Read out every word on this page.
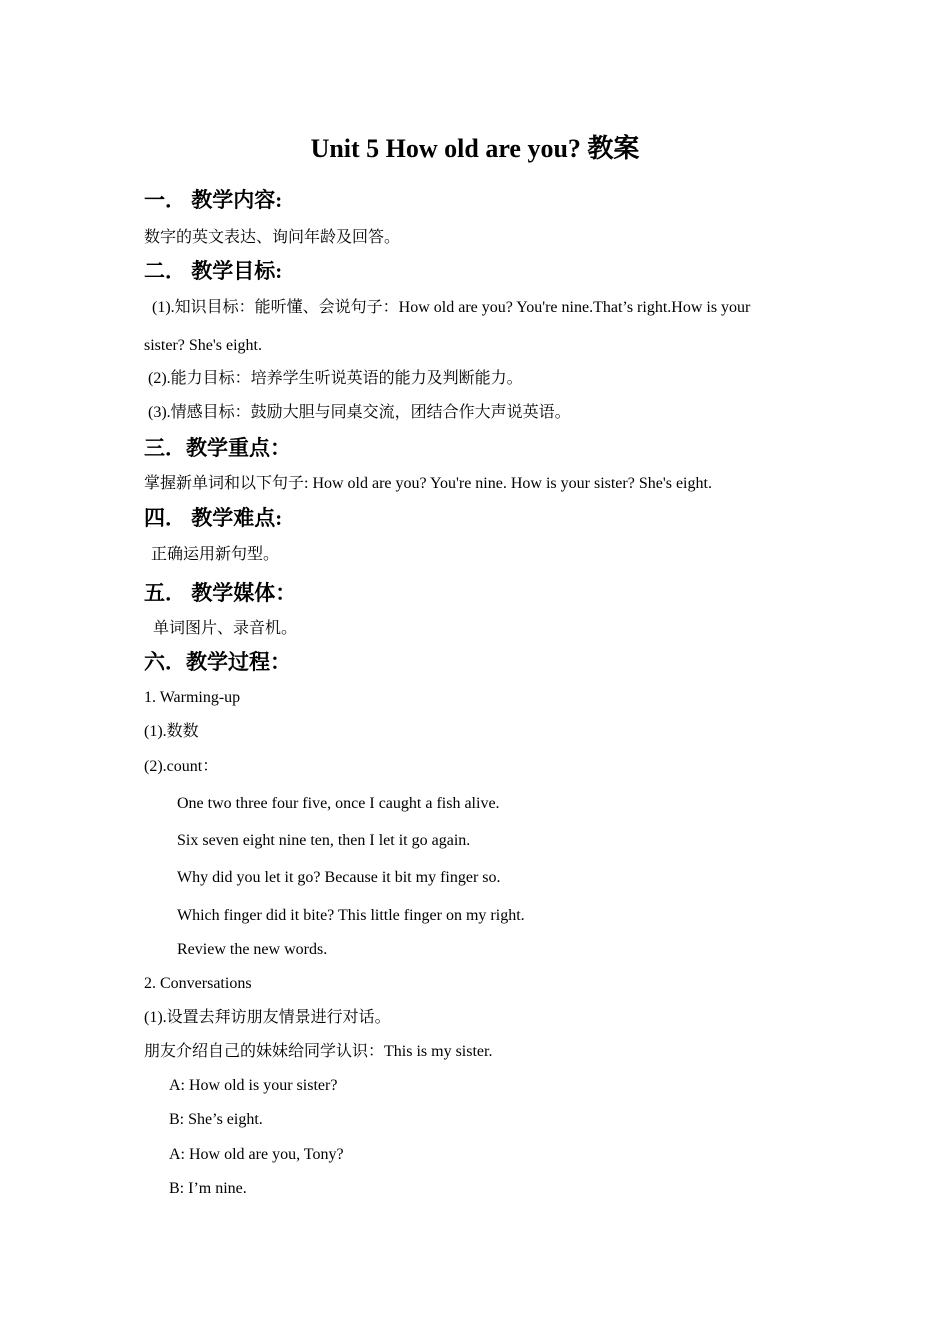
Unit 5 How old are you? 教案
一． 教学内容:
数字的英文表达、询问年龄及回答。
二． 教学目标:
(1).知识目标：能听懂、会说句子：How old are you? You're nine.That’s right.How is your
sister? She's eight.
(2).能力目标：培养学生听说英语的能力及判断能力。
(3).情感目标：鼓励大胆与同桌交流，团结合作大声说英语。
三．教学重点：
掌握新单词和以下句子: How old are you? You're nine. How is your sister? She's eight.
四． 教学难点:
正确运用新句型。
五． 教学媒体：
单词图片、录音机。
六．教学过程：
1. Warming-up
(1).数数
(2).count：
One two three four five, once I caught a fish alive.
Six seven eight nine ten, then I let it go again.
Why did you let it go? Because it bit my finger so.
Which finger did it bite? This little finger on my right.
Review the new words.
2. Conversations
(1).设置去拜访朋友情景进行对话。
朋友介绍自己的妹妹给同学认识：This is my sister.
A: How old is your sister?
B: She’s eight.
A: How old are you, Tony?
B: I’m nine.
